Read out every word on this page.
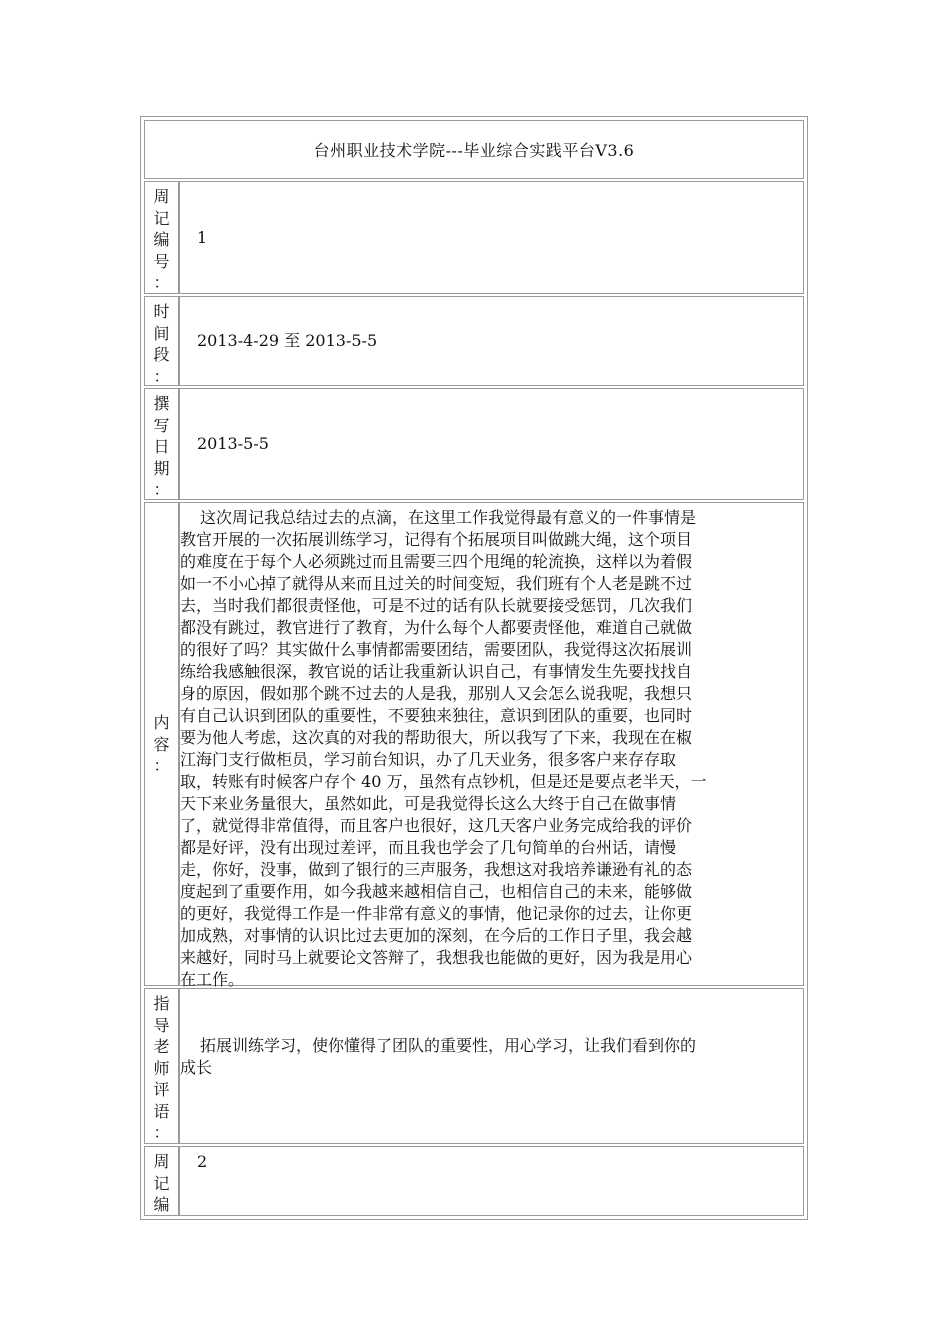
台州职业技术学院---毕业综合实践平台V3.6
周
记
编
号
：
1
时
间
段
：
2013-4-29 至 2013-5-5
撰
写
日
期
：
2013-5-5
内
容
：
这次周记我总结过去的点滴，在这里工作我觉得最有意义的一件事情是
教官开展的一次拓展训练学习，记得有个拓展项目叫做跳大绳，这个项目
的难度在于每个人必须跳过而且需要三四个甩绳的轮流换，这样以为着假
如一不小心掉了就得从来而且过关的时间变短，我们班有个人老是跳不过
去，当时我们都很责怪他，可是不过的话有队长就要接受惩罚，几次我们
都没有跳过，教官进行了教育，为什么每个人都要责怪他，难道自己就做
的很好了吗？其实做什么事情都需要团结，需要团队，我觉得这次拓展训
练给我感触很深，教官说的话让我重新认识自己，有事情发生先要找找自
身的原因，假如那个跳不过去的人是我，那别人又会怎么说我呢，我想只
有自己认识到团队的重要性，不要独来独往，意识到团队的重要，也同时
要为他人考虑，这次真的对我的帮助很大，所以我写了下来，我现在在椒
江海门支行做柜员，学习前台知识，办了几天业务，很多客户来存存取
取，转账有时候客户存个 40 万，虽然有点钞机，但是还是要点老半天，一
天下来业务量很大，虽然如此，可是我觉得长这么大终于自己在做事情
了，就觉得非常值得，而且客户也很好，这几天客户业务完成给我的评价
都是好评，没有出现过差评，而且我也学会了几句简单的台州话，请慢
走，你好，没事，做到了银行的三声服务，我想这对我培养谦逊有礼的态
度起到了重要作用，如今我越来越相信自己，也相信自己的未来，能够做
的更好，我觉得工作是一件非常有意义的事情，他记录你的过去，让你更
加成熟，对事情的认识比过去更加的深刻，在今后的工作日子里，我会越
来越好，同时马上就要论文答辩了，我想我也能做的更好，因为我是用心
在工作。
指
导
老
师
评
语
：
拓展训练学习，使你懂得了团队的重要性，用心学习，让我们看到你的
成长
周
记
编
2
